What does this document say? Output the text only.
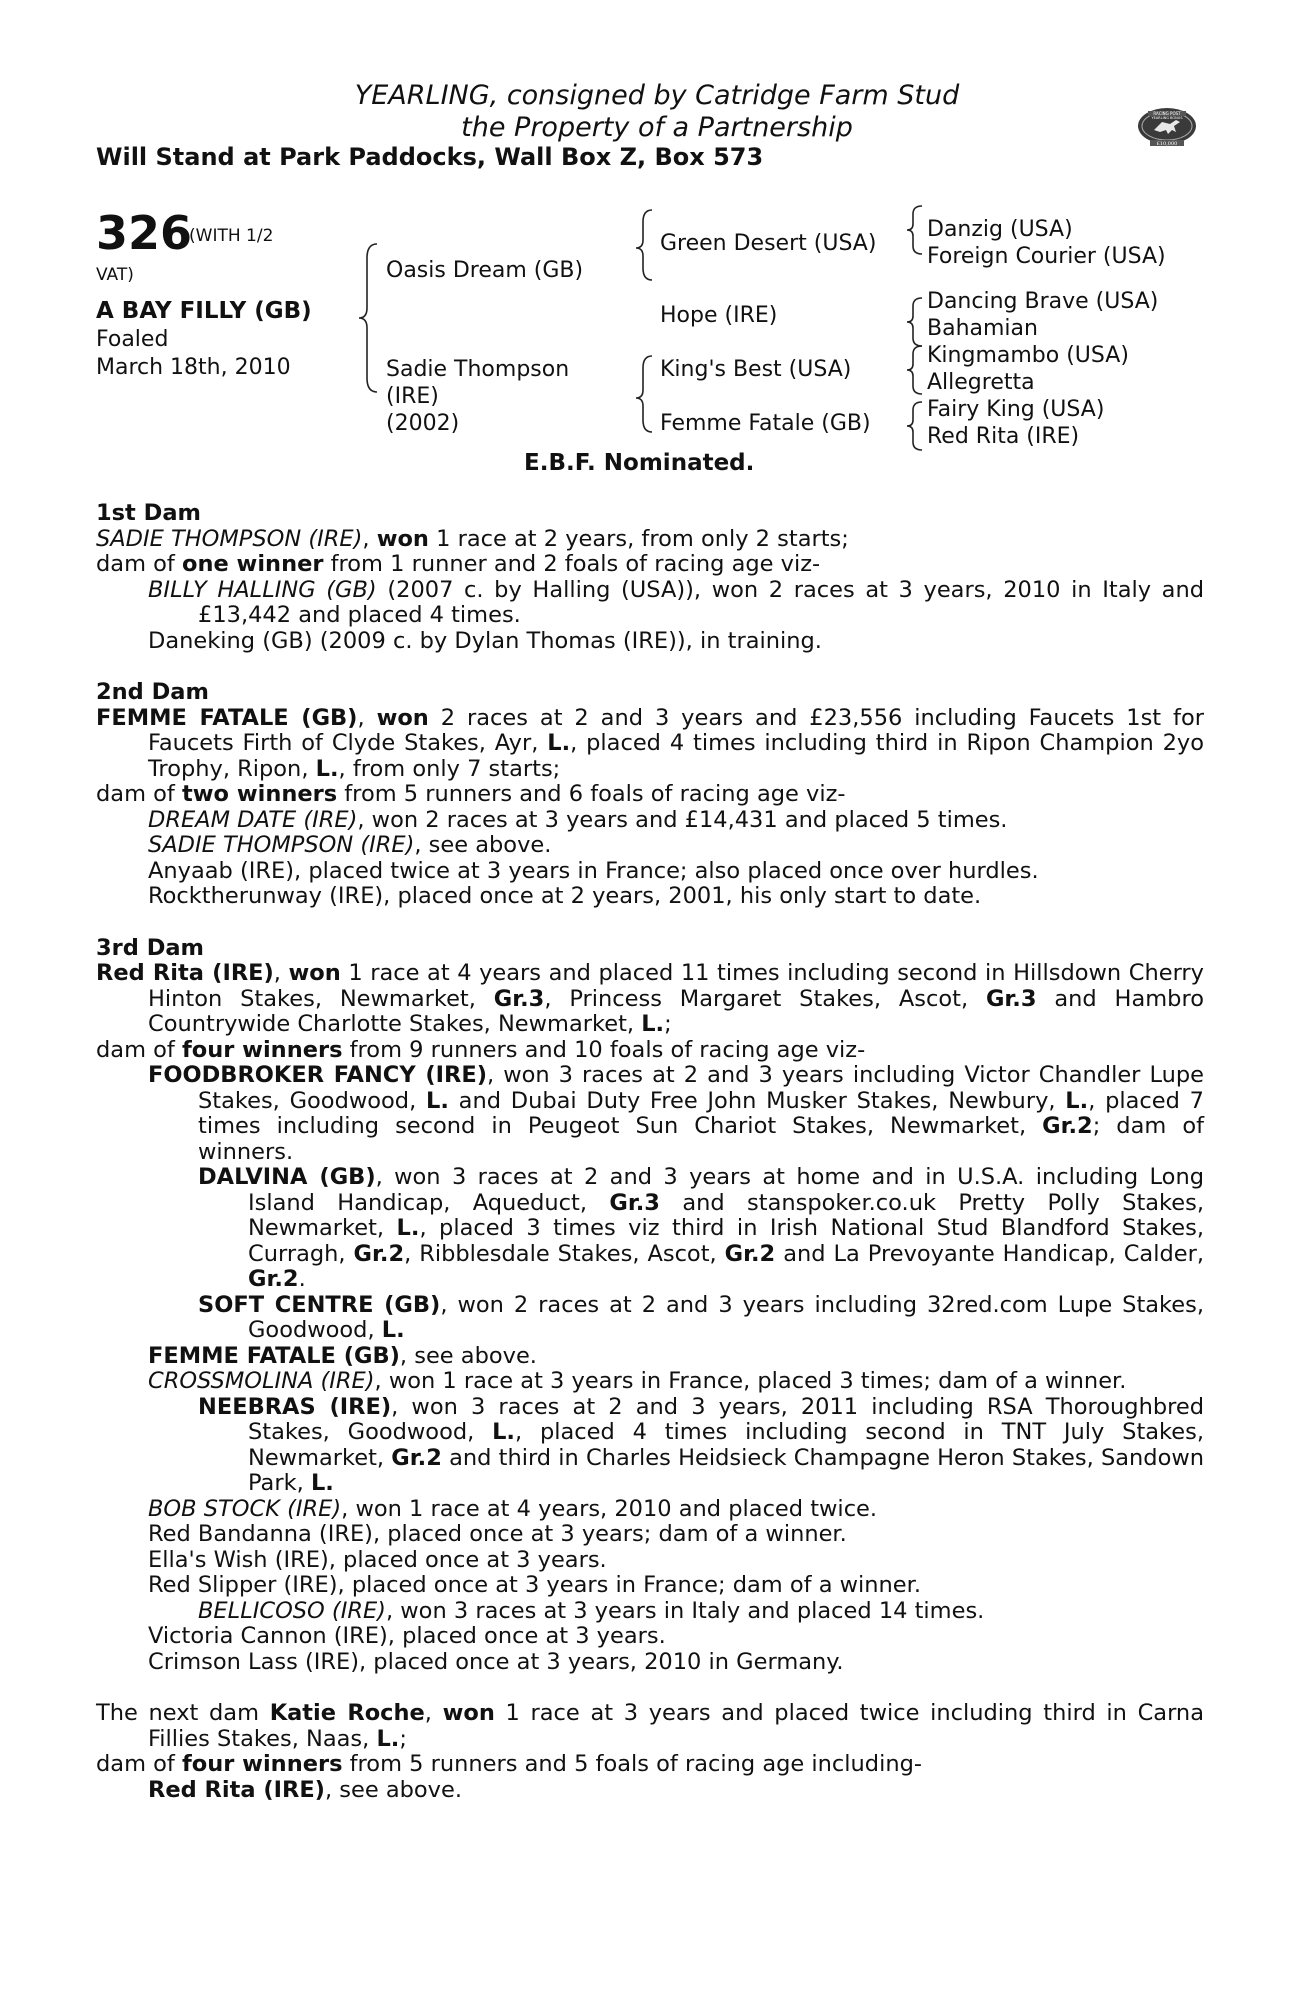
YEARLING, consigned by Catridge Farm Stud
the Property of a Partnership
Will Stand at Park Paddocks, Wall Box Z, Box 573
RACING POST
YEARLING BONUS
£10,000
326
(WITH 1/2
VAT)
A BAY FILLY (GB)
Foaled
March 18th, 2010
Oasis Dream (GB)
Sadie Thompson
(IRE)
(2002)
Green Desert (USA)
Hope (IRE)
King's Best (USA)
Femme Fatale (GB)
Danzig (USA)
Foreign Courier (USA)
Dancing Brave (USA)
Bahamian
Kingmambo (USA)
Allegretta
Fairy King (USA)
Red Rita (IRE)
E.B.F. Nominated.

1st Dam

SADIE THOMPSON (IRE), won 1 race at 2 years, from only 2 starts;

dam of one winner from 1 runner and 2 foals of racing age viz-

BILLY HALLING (GB) (2007 c. by Halling (USA)), won 2 races at 3 years, 2010 in Italy and £13,442 and placed 4 times.

Daneking (GB) (2009 c. by Dylan Thomas (IRE)), in training.

2nd Dam

FEMME FATALE (GB), won 2 races at 2 and 3 years and £23,556 including Faucets 1st for Faucets Firth of Clyde Stakes, Ayr, L., placed 4 times including third in Ripon Champion 2yo Trophy, Ripon, L., from only 7 starts;

dam of two winners from 5 runners and 6 foals of racing age viz-

DREAM DATE (IRE), won 2 races at 3 years and £14,431 and placed 5 times.

SADIE THOMPSON (IRE), see above.

Anyaab (IRE), placed twice at 3 years in France; also placed once over hurdles.

Rocktherunway (IRE), placed once at 2 years, 2001, his only start to date.

3rd Dam

Red Rita (IRE), won 1 race at 4 years and placed 11 times including second in Hillsdown Cherry Hinton Stakes, Newmarket, Gr.3, Princess Margaret Stakes, Ascot, Gr.3 and Hambro Countrywide Charlotte Stakes, Newmarket, L.;

dam of four winners from 9 runners and 10 foals of racing age viz-

FOODBROKER FANCY (IRE), won 3 races at 2 and 3 years including Victor Chandler Lupe Stakes, Goodwood, L. and Dubai Duty Free John Musker Stakes, Newbury, L., placed 7 times including second in Peugeot Sun Chariot Stakes, Newmarket, Gr.2; dam of winners.

DALVINA (GB), won 3 races at 2 and 3 years at home and in U.S.A. including Long Island Handicap, Aqueduct, Gr.3 and stanspoker.co.uk Pretty Polly Stakes, Newmarket, L., placed 3 times viz third in Irish National Stud Blandford Stakes, Curragh, Gr.2, Ribblesdale Stakes, Ascot, Gr.2 and La Prevoyante Handicap, Calder, Gr.2.

SOFT CENTRE (GB), won 2 races at 2 and 3 years including 32red.com Lupe Stakes, Goodwood, L.

FEMME FATALE (GB), see above.

CROSSMOLINA (IRE), won 1 race at 3 years in France, placed 3 times; dam of a winner.

NEEBRAS (IRE), won 3 races at 2 and 3 years, 2011 including RSA Thoroughbred Stakes, Goodwood, L., placed 4 times including second in TNT July Stakes, Newmarket, Gr.2 and third in Charles Heidsieck Champagne Heron Stakes, Sandown Park, L.

BOB STOCK (IRE), won 1 race at 4 years, 2010 and placed twice.

Red Bandanna (IRE), placed once at 3 years; dam of a winner.

Ella's Wish (IRE), placed once at 3 years.

Red Slipper (IRE), placed once at 3 years in France; dam of a winner.

BELLICOSO (IRE), won 3 races at 3 years in Italy and placed 14 times.

Victoria Cannon (IRE), placed once at 3 years.

Crimson Lass (IRE), placed once at 3 years, 2010 in Germany.

The next dam Katie Roche, won 1 race at 3 years and placed twice including third in Carna Fillies Stakes, Naas, L.;

dam of four winners from 5 runners and 5 foals of racing age including-

Red Rita (IRE), see above.
